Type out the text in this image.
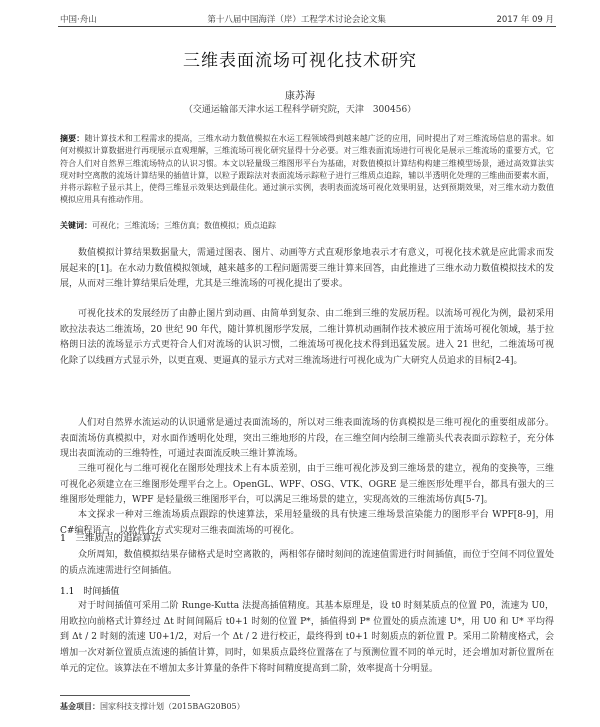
中国·舟山	第十八届中国海洋（岸）工程学术讨论会论文集	2017 年 09 月
三维表面流场可视化技术研究
康苏海
（交通运输部天津水运工程科学研究院，天津　300456）
摘要：随计算技术和工程需求的提高，三维水动力数值模拟在水运工程领域得到越来越广泛的应用，同时提出了对三维流场信息的需求。如何对模拟计算数据进行再现展示直观理解，三维流场可视化研究显得十分必要。对三维表面流场进行可视化是展示三维流场的重要方式，它符合人们对自然界三维流场特点的认识习惯。本文以轻量级三维图形平台为基础，对数值模拟计算结构构建三维模型场景，通过高效算法实现对时空离散的流场计算结果的插值计算，以粒子跟踪法对表面流场示踪粒子进行三维质点追踪，辅以半透明化处理的三维曲面要素水面，并将示踪粒子显示其上，使得三维显示效果达到最佳化。通过演示实例，表明表面流场可视化效果明显，达到预期效果，对三维水动力数值模拟应用具有推动作用。
关键词：可视化；三维流场；三维仿真；数值模拟；质点追踪
数值模拟计算结果数据量大，需通过图表、图片、动画等方式直观形象地表示才有意义，可视化技术就是应此需求而发展起来的[1]。在水动力数值模拟领域，越来越多的工程问题需要三维计算来回答，由此推进了三维水动力数值模拟技术的发展，从而对三维计算结果后处理，尤其是三维流场的可视化提出了要求。
可视化技术的发展经历了由静止图片到动画、由简单到复杂、由二维到三维的发展历程。以流场可视化为例，最初采用欧拉法表达二维流场，20 世纪 90 年代，随计算机图形学发展，二维计算机动画制作技术被应用于流场可视化领域，基于拉格朗日法的流场显示方式更符合人们对流场的认识习惯，二维流场可视化技术得到迅猛发展。进入 21 世纪，二维流场可视化除了以线画方式显示外，以更直观、更逼真的显示方式对三维流场进行可视化成为广大研究人员追求的目标[2-4]。
人们对自然界水流运动的认识通常是通过表面流场的，所以对三维表面流场的仿真模拟是三维可视化的重要组成部分。表面流场仿真模拟中，对水面作透明化处理，突出三维地形的片段，在三维空间内绘制三维箭头代表表面示踪粒子，充分体现出表面流动的三维特性，可通过表面流反映三维计算流场。
三维可视化与二维可视化在图形处理技术上有本质差别，由于三维可视化涉及到三维场景的建立，视角的变换等，三维可视化必须建立在三维图形处理平台之上。OpenGL、WPF、OSG、VTK、OGRE 是三维医形处理平台，都具有强大的三维图形处理能力，WPF 是轻量级三维图形平台，可以满足三维场景的建立，实现高效的三维流场仿真[5-7]。
本文探求一种对三维流场质点跟踪的快速算法，采用轻量级的具有快速三维场景渲染能力的图形平台 WPF[8-9]，用 C#编程语言，以软件化方式实现对三维表面流场的可视化。
1　三维质点的追踪算法
众所周知，数值模拟结果存储格式是时空离散的，两相邻存储时刻间的流速值需进行时间插值，而位于空间不同位置处的质点流速需进行空间插值。
1.1　时间插值
对于时间插值可采用二阶 Runge-Kutta 法提高插值精度。其基本原理是，设 t0 时刻某质点的位置 P0，流速为 U0，用欧拉向前格式计算经过 Δt 时间间隔后 t0+1 时刻的位置 P*，插值得到 P* 位置处的质点流速 U*，用 U0 和 U* 平均得到 Δt / 2 时刻的流速 U0+1/2，对后一个 Δt / 2 进行校正，最终得到 t0+1 时刻质点的新位置 P。采用二阶精度格式，会增加一次对新位置质点流速的插值计算，同时，如果质点最终位置落在了与预测位置不同的单元时，还会增加对新位置所在单元的定位。该算法在不增加太多计算量的条件下将时间精度提高到二阶，效率提高十分明显。
基金项目：国家科技支撑计划（2015BAG20B05）
